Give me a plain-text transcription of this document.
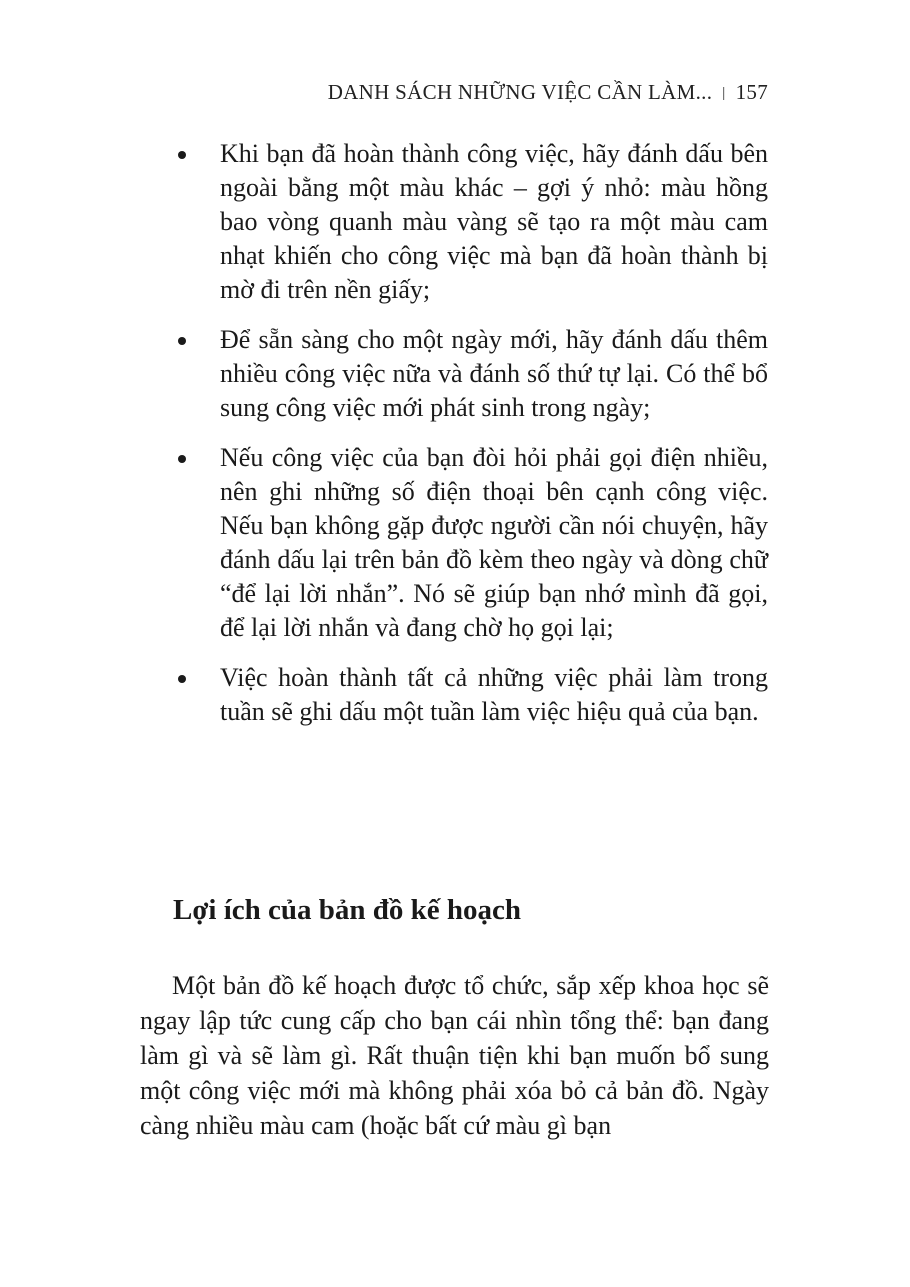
DANH SÁCH NHỮNG VIỆC CẦN LÀM... | 157
Khi bạn đã hoàn thành công việc, hãy đánh dấu bên ngoài bằng một màu khác – gợi ý nhỏ: màu hồng bao vòng quanh màu vàng sẽ tạo ra một màu cam nhạt khiến cho công việc mà bạn đã hoàn thành bị mờ đi trên nền giấy;
Để sẵn sàng cho một ngày mới, hãy đánh dấu thêm nhiều công việc nữa và đánh số thứ tự lại. Có thể bổ sung công việc mới phát sinh trong ngày;
Nếu công việc của bạn đòi hỏi phải gọi điện nhiều, nên ghi những số điện thoại bên cạnh công việc. Nếu bạn không gặp được người cần nói chuyện, hãy đánh dấu lại trên bản đồ kèm theo ngày và dòng chữ “để lại lời nhắn”. Nó sẽ giúp bạn nhớ mình đã gọi, để lại lời nhắn và đang chờ họ gọi lại;
Việc hoàn thành tất cả những việc phải làm trong tuần sẽ ghi dấu một tuần làm việc hiệu quả của bạn.
Lợi ích của bản đồ kế hoạch

Một bản đồ kế hoạch được tổ chức, sắp xếp khoa học sẽ ngay lập tức cung cấp cho bạn cái nhìn tổng thể: bạn đang làm gì và sẽ làm gì. Rất thuận tiện khi bạn muốn bổ sung một công việc mới mà không phải xóa bỏ cả bản đồ. Ngày càng nhiều màu cam (hoặc bất cứ màu gì bạn
